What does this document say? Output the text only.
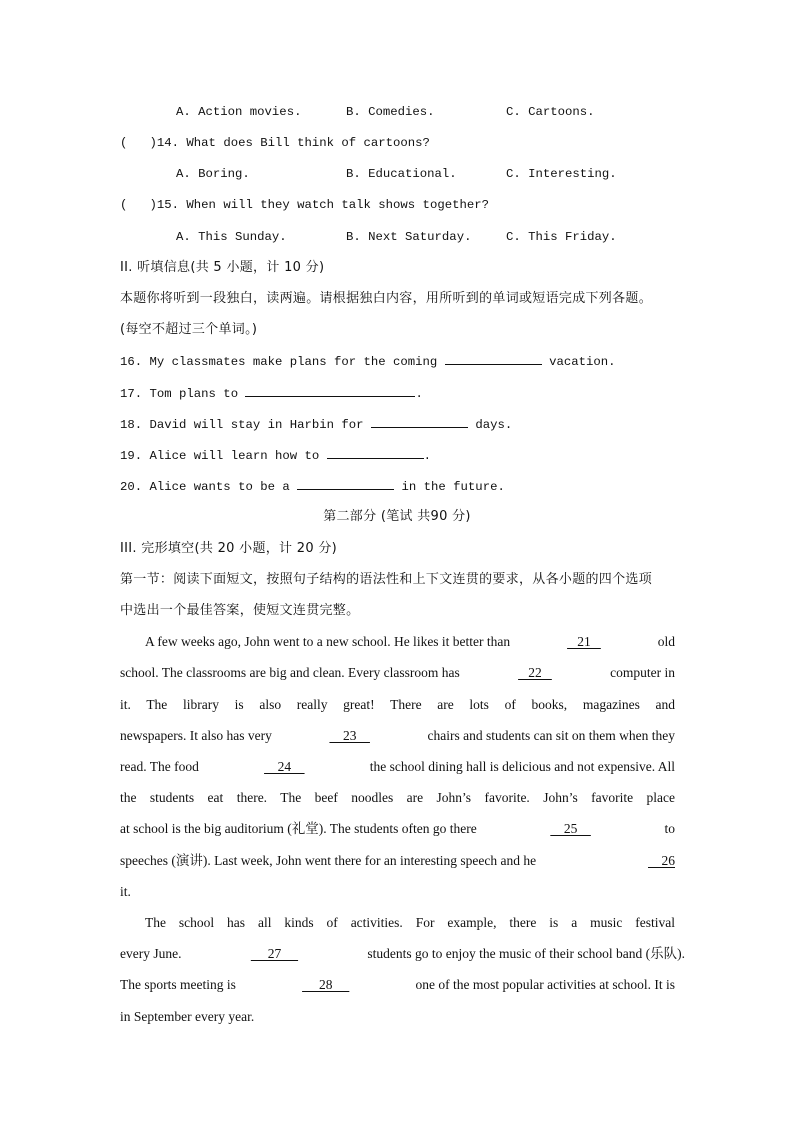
A. Action movies.	B. Comedies.	C. Cartoons.
(   )14. What does Bill think of cartoons?
A. Boring.	B. Educational.	C. Interesting.
(   )15. When will they watch talk shows together?
A. This Sunday.	B. Next Saturday.	C. This Friday.
II. 听填信息(共 5 小题，计 10 分)
本题你将听到一段独白，读两遍。请根据独白内容，用所听到的单词或短语完成下列各题。
(每空不超过三个单词。)
16. My classmates make plans for the coming	vacation.
17. Tom plans to	.
18. David will stay in Harbin for	days.
19. Alice will learn how to	.
20. Alice wants to be a	in the future.
第二部分 (笔试 共90 分)
III. 完形填空(共 20 小题，计 20 分)
第一节：阅读下面短文，按照句子结构的语法性和上下文连贯的要求，从各小题的四个选项
中选出一个最佳答案，使短文连贯完整。
A few weeks ago, John went to a new school. He likes it better than	21	old
school. The classrooms are big and clean. Every classroom has	22	computer in
it. The library is also really great! There are lots of books, magazines and
newspapers. It also has very	23	chairs and students can sit on them when they
read. The food	24	the school dining hall is delicious and not expensive. All
the students eat there. The beef noodles are John’s favorite. John’s favorite place
at school is the big auditorium (礼堂). The students often go there	25	to
speeches (演讲). Last week, John went there for an interesting speech and he	26
it.
The school has all kinds of activities. For example, there is a music festival
every June.	27	students go to enjoy the music of their school band (乐队).
The sports meeting is	28	one of the most popular activities at school. It is
in September every year.
